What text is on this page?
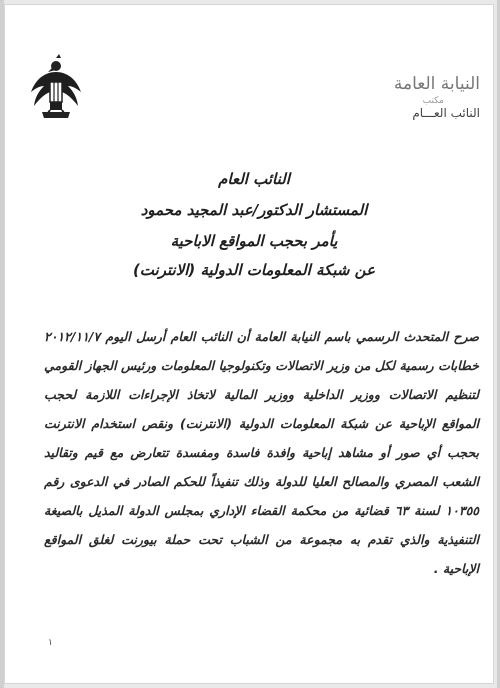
النيابة العامة
مكتب
النائب العـــام
النائب العام
المستشار الدكتور/عبد المجيد محمود
يأمر بحجب المواقع الاباحية
عن شبكة المعلومات الدولية (الانترنت)
صرح المتحدث الرسمي باسم النيابة العامة أن النائب العام أرسل اليوم ٢٠١٢/١١/٧ خطابات رسمية لكل من وزير الاتصالات وتكنولوجيا المعلومات ورئيس الجهاز القومي لتنظيم الاتصالات ووزير الداخلية ووزير المالية لاتخاذ الإجراءات اللازمة لحجب المواقع الإباحية عن شبكة المعلومات الدولية (الانترنت) ونقص استخدام الانترنت بحجب أي صور أو مشاهد إباحية وافدة فاسدة ومفسدة تتعارض مع قيم وتقاليد الشعب المصري والمصالح العليا للدولة وذلك تنفيذاً للحكم الصادر في الدعوى رقم ١٠٣٥٥ لسنة ٦٣ قضائية من محكمة القضاء الإداري بمجلس الدولة المذيل بالصيغة التنفيذية والذي تقدم به مجموعة من الشباب تحت حملة بيورنت لغلق المواقع الإباحية .
١
